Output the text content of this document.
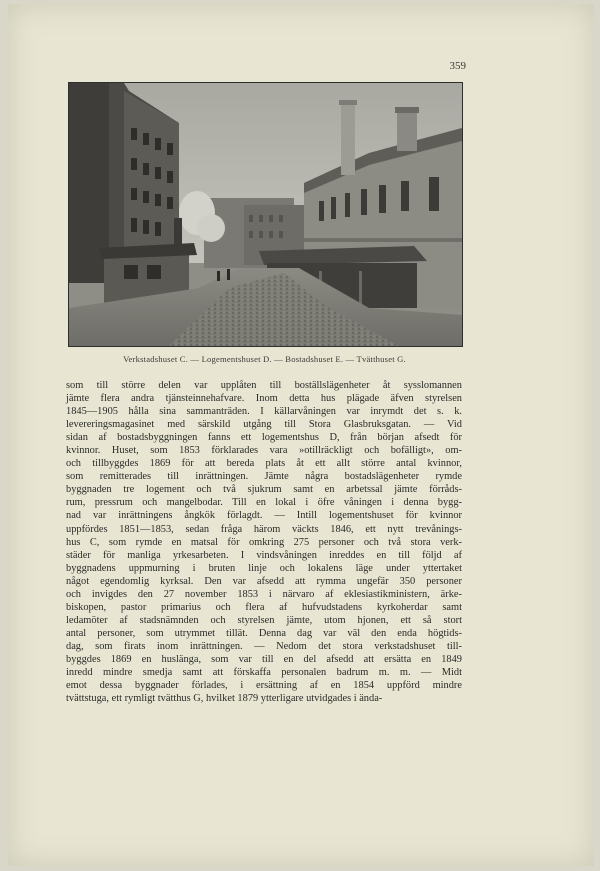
359
Verkstadshuset C. — Logementshuset D. — Bostadshuset E. — Tvätthuset G.
som till större delen var upplåten till boställslägenheter åt sysslomannen
jämte flera andra tjänsteinnehafvare. Inom detta hus plägade äfven styrelsen
1845—1905 hålla sina sammanträden. I källarvåningen var inrymdt det s. k.
levereringsmagasinet med särskild utgång till Stora Glasbruksgatan. — Vid
sidan af bostadsbyggningen fanns ett logementshus D, från början afsedt för
kvinnor. Huset, som 1853 förklarades vara »otillräckligt och bofälligt», om-
och tillbyggdes 1869 för att bereda plats åt ett allt större antal kvinnor,
som remitterades till inrättningen. Jämte några bostadslägenheter rymde
byggnaden tre logement och två sjukrum samt en arbetssal jämte förråds-
rum, pressrum och mangelbodar. Till en lokal i öfre våningen i denna bygg-
nad var inrättningens ångkök förlagdt. — Intill logementshuset för kvinnor
uppfördes 1851—1853, sedan fråga härom väckts 1846, ett nytt trevånings-
hus C, som rymde en matsal för omkring 275 personer och två stora verk-
städer för manliga yrkesarbeten. I vindsvåningen inreddes en till följd af
byggnadens uppmurning i bruten linje och lokalens läge under yttertaket
något egendomlig kyrksal. Den var afsedd att rymma ungefär 350 personer
och invigdes den 27 november 1853 i närvaro af eklesiastikministern, ärke-
biskopen, pastor primarius och flera af hufvudstadens kyrkoherdar samt
ledamöter af stadsnämnden och styrelsen jämte, utom hjonen, ett så stort
antal personer, som utrymmet tillät. Denna dag var väl den enda högtids-
dag, som firats inom inrättningen. — Nedom det stora verkstadshuset till-
byggdes 1869 en huslänga, som var till en del afsedd att ersätta en 1849
inredd mindre smedja samt att förskaffa personalen badrum m. m. — Midt
emot dessa byggnader förlades, i ersättning af en 1854 uppförd mindre
tvättstuga, ett rymligt tvätthus G, hvilket 1879 ytterligare utvidgades i ända-
